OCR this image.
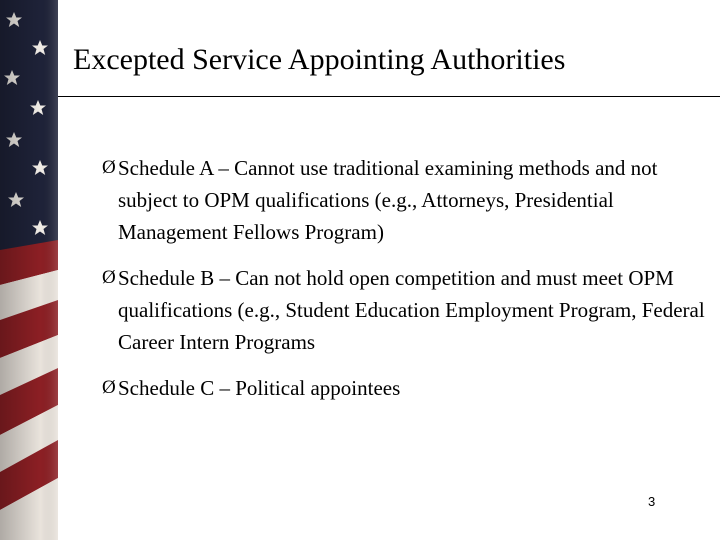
Excepted Service Appointing Authorities
Ø Schedule A – Cannot use traditional examining methods and not subject to OPM qualifications (e.g., Attorneys, Presidential Management Fellows Program)
Ø Schedule B – Can not hold open competition and must meet OPM qualifications (e.g., Student Education Employment Program, Federal Career Intern Programs
Ø Schedule C – Political appointees
3
